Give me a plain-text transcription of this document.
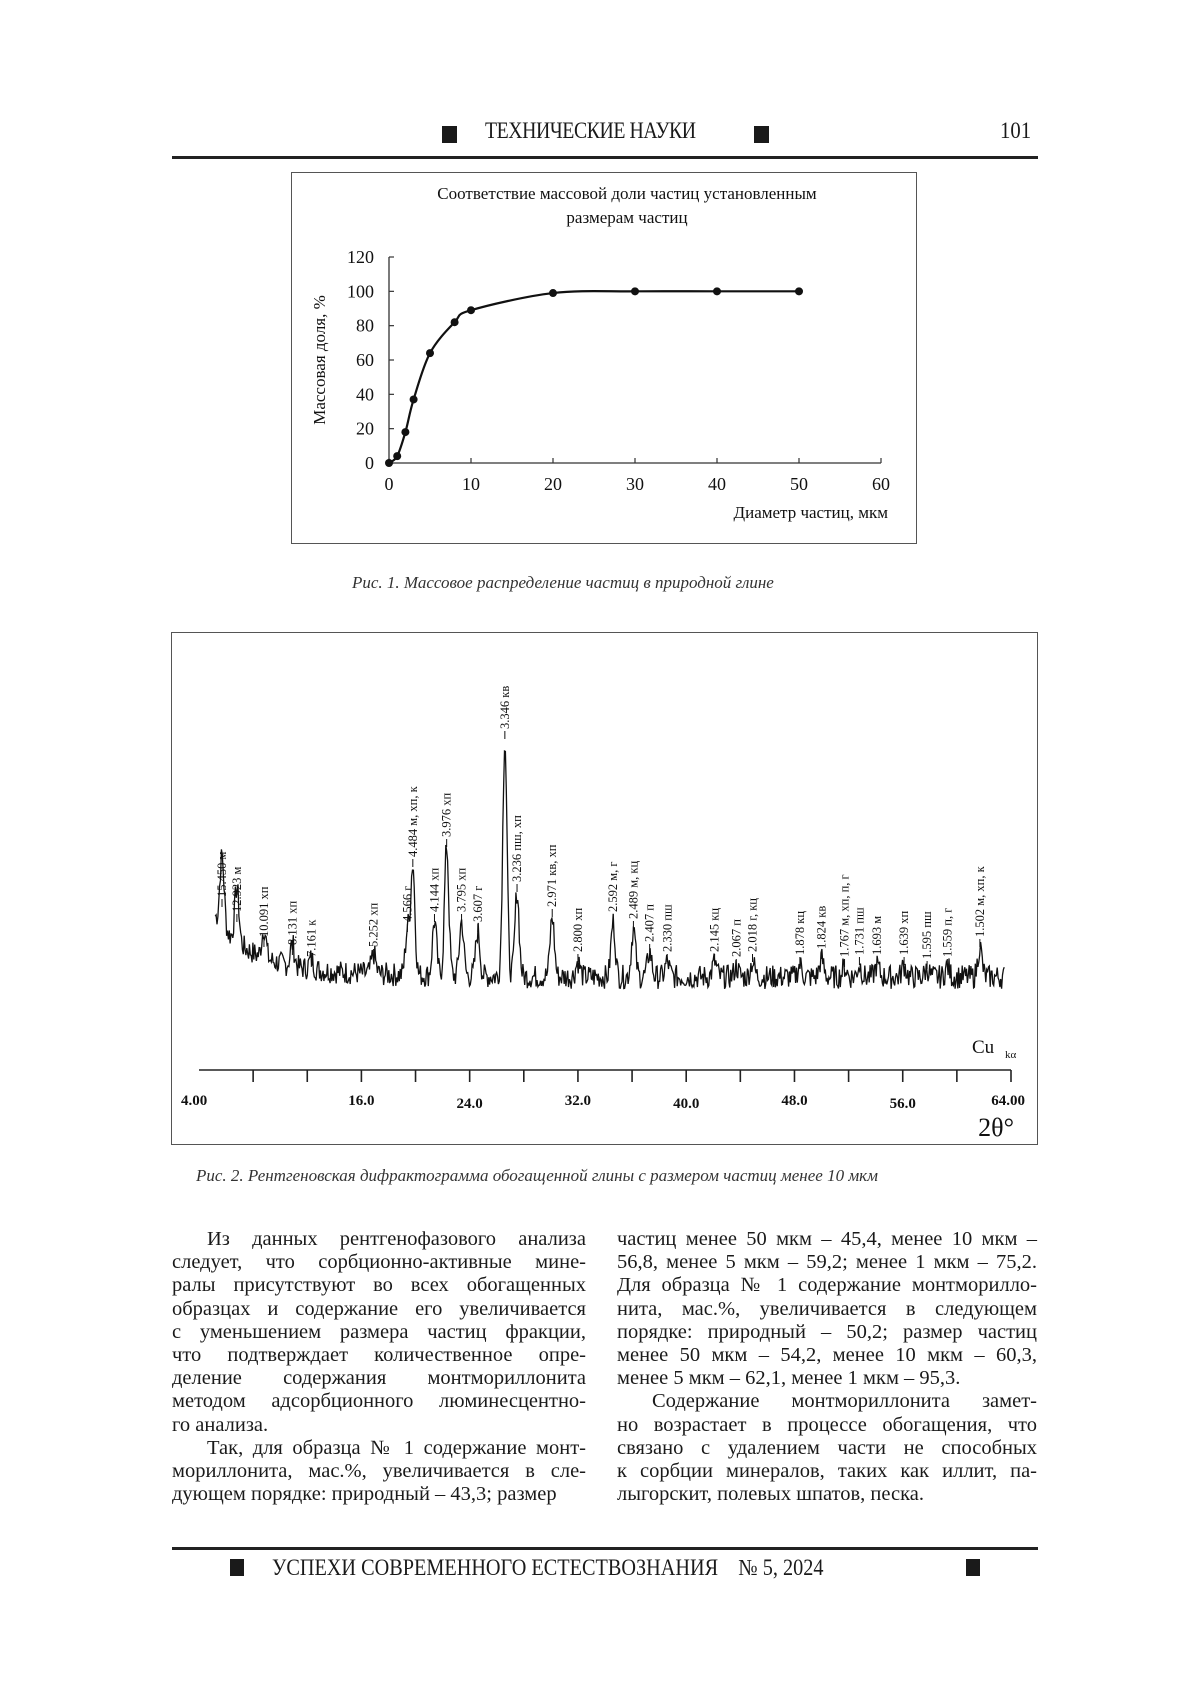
ТЕХНИЧЕСКИЕ НАУКИ	101
Соответствие массовой доли частиц установленным
размерам частиц
0
20
40
60
80
100
120
0	10	20	30	40	50	60
Диаметр частиц, мкм
Массовая доля, %
Рис. 1. Массовое распределение частиц в природной глине
4.00	16.0	24.0	32.0	40.0	48.0	56.0	64.00
Cu kα
2θ°
15.450 м 12.923 м 10.091 хп 8.131 хп 7.161 к	5.252 хп 4.566 г
4.484 м, хп, к
4.144 хп
3.976 хп
3.795 хп 3.607 г
3.346 кв
3.236 пш, хп 2.971 кв, хп
2.800 хп
2.592 м, г 2.489 м, кц
2.407 п 2.330 пш	2.145 кц 2.067 п 2.018 г, кц	1.878 кц 1.824 кв 1.767 м, хп, п, г 1.731 пш 1.693 м 1.639 хп 1.595 пш 1.559 п, г 1.502 м, хп, к
Рис. 2. Рентгеновская дифрактограмма обогащенной глины с размером частиц менее 10 мкм

Из данных рентгенофазового анализа
следует, что сорбционно-активные мине-
ралы присутствуют во всех обогащенных
образцах и содержание его увеличивается
с уменьшением размера частиц фракции,
что подтверждает количественное опре-
деление содержания монтмориллонита
методом адсорбционного люминесцентно-
го анализа.

Так, для образца № 1 содержание монт-
мориллонита, мас.%, увеличивается в сле-
дующем порядке: природный – 43,3; размер

частиц менее 50 мкм – 45,4, менее 10 мкм –
56,8, менее 5 мкм – 59,2; менее 1 мкм – 75,2.
Для образца № 1 содержание монтморилло-
нита, мас.%, увеличивается в следующем
порядке: природный – 50,2; размер частиц
менее 50 мкм – 54,2, менее 10 мкм – 60,3,
менее 5 мкм – 62,1, менее 1 мкм – 95,3.

Содержание монтмориллонита замет-
но возрастает в процессе обогащения, что
связано с удалением части не способных
к сорбции минералов, таких как иллит, па-
лыгорскит, полевых шпатов, песка.

УСПЕХИ СОВРЕМЕННОГО ЕСТЕСТВОЗНАНИЯ № 5, 2024
